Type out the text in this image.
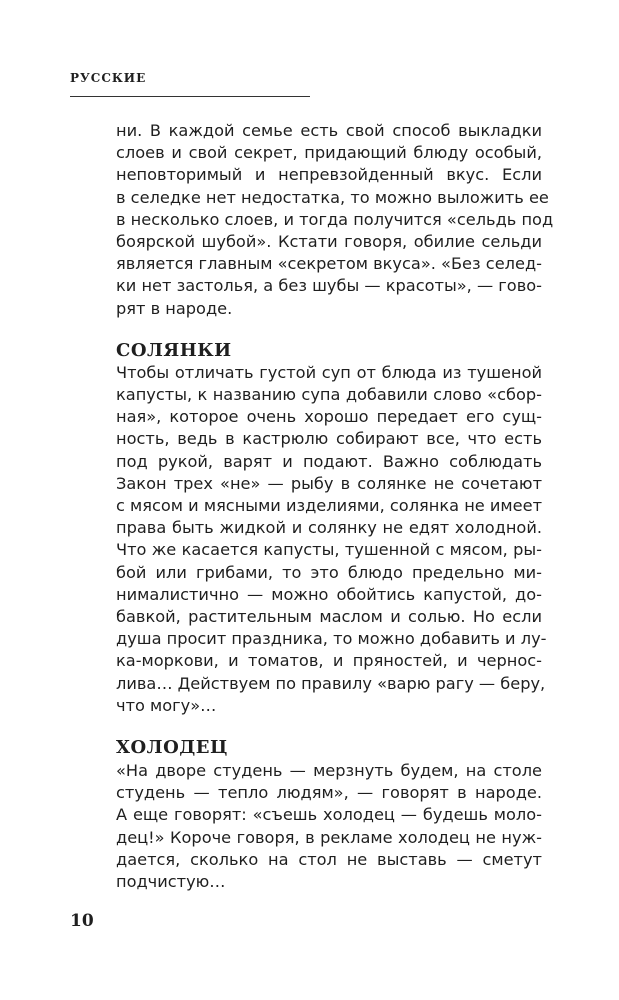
РУССКИЕ

ни. В каждой семье есть свой способ выкладки
слоев и свой секрет, придающий блюду особый,
неповторимый и непревзойденный вкус. Если
в селедке нет недостатка, то можно выложить ее
в несколько слоев, и тогда получится «сельдь под
боярской шубой». Кстати говоря, обилие сельди
является главным «секретом вкуса». «Без селед-
ки нет застолья, а без шубы — красоты», — гово-
рят в народе.

СОЛЯНКИ

Чтобы отличать густой суп от блюда из тушеной
капусты, к названию супа добавили слово «сбор-
ная», которое очень хорошо передает его сущ-
ность, ведь в кастрюлю собирают все, что есть
под рукой, варят и подают. Важно соблюдать
Закон трех «не» — рыбу в солянке не сочетают
с мясом и мясными изделиями, солянка не имеет
права быть жидкой и солянку не едят холодной.
Что же касается капусты, тушенной с мясом, ры-
бой или грибами, то это блюдо предельно ми-
нималистично — можно обойтись капустой, до-
бавкой, растительным маслом и солью. Но если
душа просит праздника, то можно добавить и лу-
ка-моркови, и томатов, и пряностей, и чернос-
лива… Действуем по правилу «варю рагу — беру,
что могу»…

ХОЛОДЕЦ

«На дворе студень — мерзнуть будем, на столе
студень — тепло людям», — говорят в народе.
А еще говорят: «съешь холодец — будешь моло-
дец!» Короче говоря, в рекламе холодец не нуж-
дается, сколько на стол не выставь — сметут
подчистую…

10
